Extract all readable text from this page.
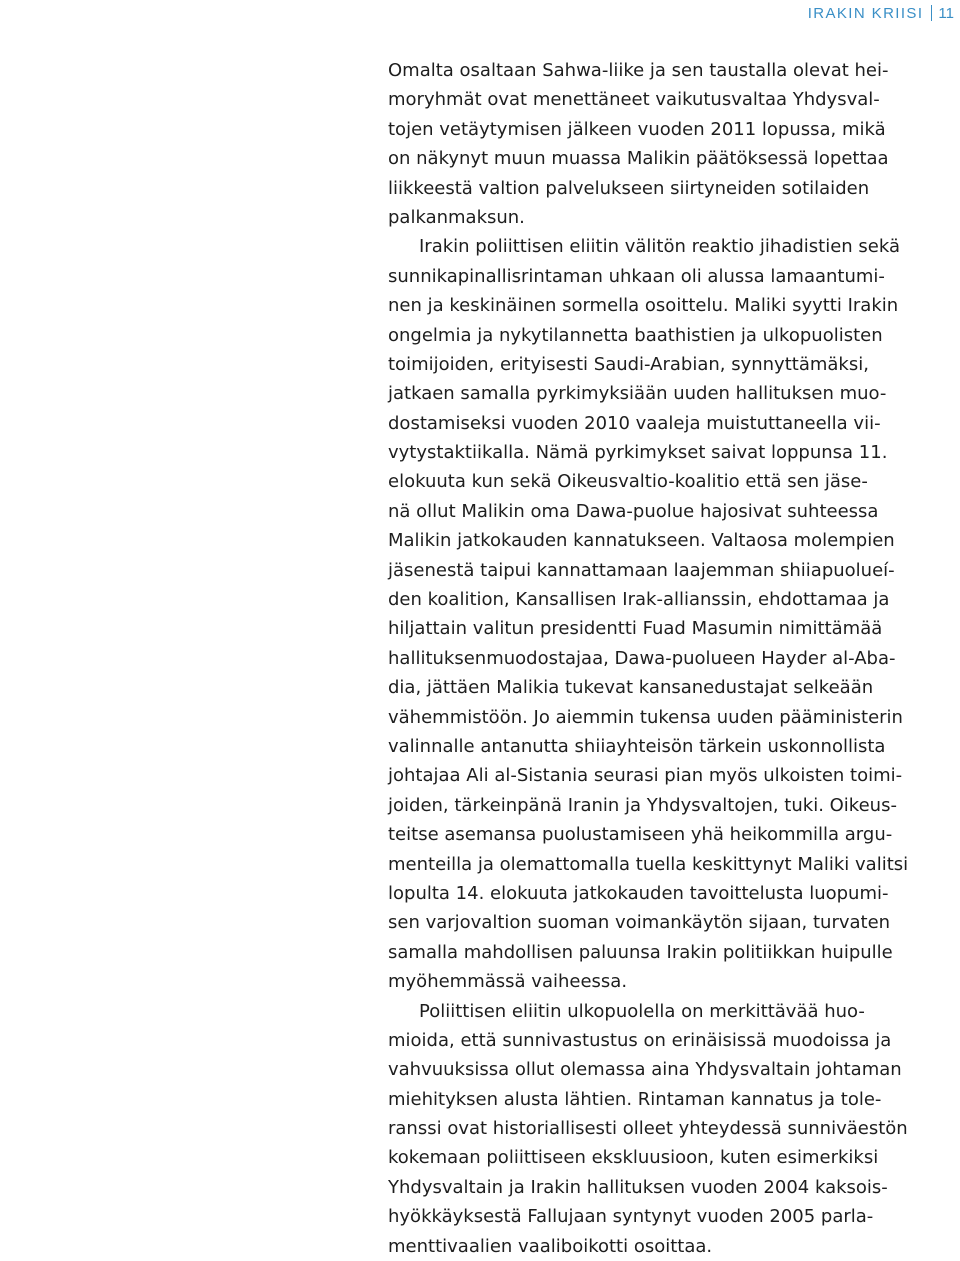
IRAKIN KRIISI 11
Omalta osaltaan Sahwa-liike ja sen taustalla olevat hei-
moryhmät ovat menettäneet vaikutusvaltaa Yhdysval-
tojen vetäytymisen jälkeen vuoden 2011 lopussa, mikä
on näkynyt muun muassa Malikin päätöksessä lopettaa
liikkeestä valtion palvelukseen siirtyneiden sotilaiden
palkanmaksun.
Irakin poliittisen eliitin välitön reaktio jihadistien sekä
sunnikapinallisrintaman uhkaan oli alussa lamaantumi-
nen ja keskinäinen sormella osoittelu. Maliki syytti Irakin
ongelmia ja nykytilannetta baathistien ja ulkopuolisten
toimijoiden, erityisesti Saudi-Arabian, synnyttämäksi,
jatkaen samalla pyrkimyksiään uuden hallituksen muo-
dostamiseksi vuoden 2010 vaaleja muistuttaneella vii-
vytystaktiikalla. Nämä pyrkimykset saivat loppunsa 11.
elokuuta kun sekä Oikeusvaltio-koalitio että sen jäse-
nä ollut Malikin oma Dawa-puolue hajosivat suhteessa
Malikin jatkokauden kannatukseen. Valtaosa molempien
jäsenestä taipui kannattamaan laajemman shiiapuolueí-
den koalition, Kansallisen Irak-allianssin, ehdottamaa ja
hiljattain valitun presidentti Fuad Masumin nimittämää
hallituksenmuodostajaa, Dawa-puolueen Hayder al-Aba-
dia, jättäen Malikia tukevat kansanedustajat selkeään
vähemmistöön. Jo aiemmin tukensa uuden pääministerin
valinnalle antanutta shiiayhteisön tärkein uskonnollista
johtajaa Ali al-Sistania seurasi pian myös ulkoisten toimi-
joiden, tärkeinpänä Iranin ja Yhdysvaltojen, tuki. Oikeus-
teitse asemansa puolustamiseen yhä heikommilla argu-
menteilla ja olemattomalla tuella keskittynyt Maliki valitsi
lopulta 14. elokuuta jatkokauden tavoittelusta luopumi-
sen varjovaltion suoman voimankäytön sijaan, turvaten
samalla mahdollisen paluunsa Irakin politiikkan huipulle
myöhemmässä vaiheessa.
Poliittisen eliitin ulkopuolella on merkittävää huo-
mioida, että sunnivastustus on erinäisissä muodoissa ja
vahvuuksissa ollut olemassa aina Yhdysvaltain johtaman
miehityksen alusta lähtien. Rintaman kannatus ja tole-
ranssi ovat historiallisesti olleet yhteydessä sunniväestön
kokemaan poliittiseen ekskluusioon, kuten esimerkiksi
Yhdysvaltain ja Irakin hallituksen vuoden 2004 kaksois-
hyökkäyksestä Fallujaan syntynyt vuoden 2005 parla-
menttivaalien vaaliboikotti osoittaa.
